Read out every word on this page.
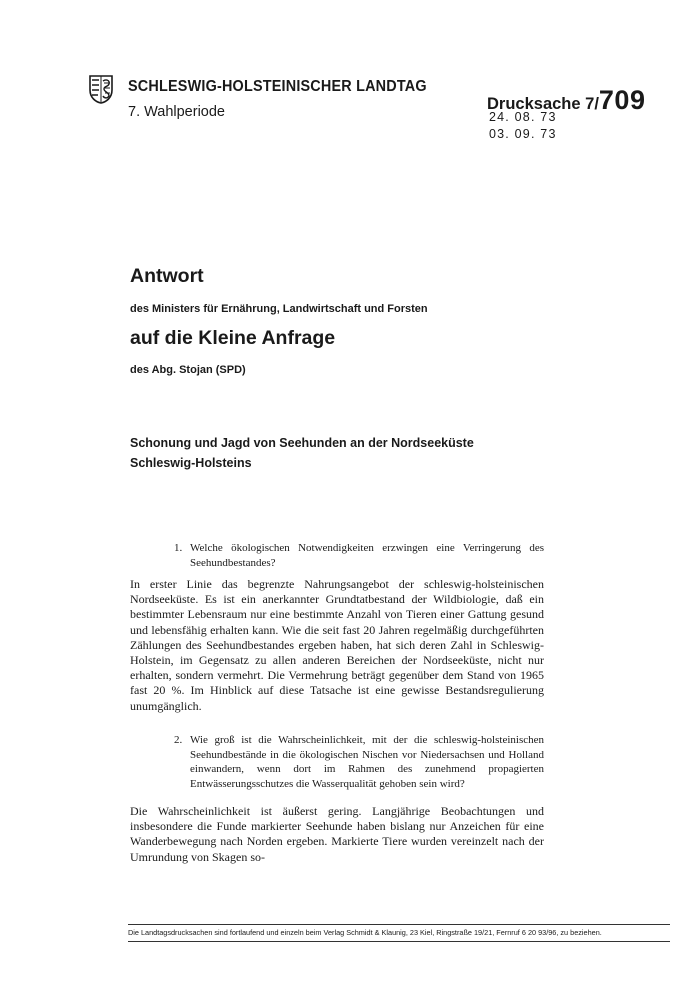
SCHLESWIG-HOLSTEINISCHER LANDTAG
7. Wahlperiode	Drucksache 7/709
24. 08. 73
03. 09. 73
Antwort
des Ministers für Ernährung, Landwirtschaft und Forsten
auf die Kleine Anfrage
des Abg. Stojan (SPD)
Schonung und Jagd von Seehunden an der Nordseeküste
Schleswig-Holsteins
1. Welche ökologischen Notwendigkeiten erzwingen eine Verringerung des Seehundbestandes?

In erster Linie das begrenzte Nahrungsangebot der schleswig-holsteinischen Nordseeküste. Es ist ein anerkannter Grundtatbestand der Wildbiologie, daß ein bestimmter Lebensraum nur eine bestimmte Anzahl von Tieren einer Gattung gesund und lebensfähig erhalten kann. Wie die seit fast 20 Jahren regelmäßig durchgeführten Zählungen des Seehundbestandes ergeben haben, hat sich deren Zahl in Schleswig-Holstein, im Gegensatz zu allen anderen Bereichen der Nordseeküste, nicht nur erhalten, sondern vermehrt. Die Vermehrung beträgt gegenüber dem Stand von 1965 fast 20 %. Im Hinblick auf diese Tatsache ist eine gewisse Bestandsregulierung unumgänglich.

2. Wie groß ist die Wahrscheinlichkeit, mit der die schleswig-holsteinischen Seehundbestände in die ökologischen Nischen vor Niedersachsen und Holland einwandern, wenn dort im Rahmen des zunehmend propagierten Entwässerungsschutzes die Wasserqualität gehoben sein wird?

Die Wahrscheinlichkeit ist äußerst gering. Langjährige Beobachtungen und insbesondere die Funde markierter Seehunde haben bislang nur Anzeichen für eine Wanderbewegung nach Norden ergeben. Markierte Tiere wurden vereinzelt nach der Umrundung von Skagen so-

Die Landtagsdrucksachen sind fortlaufend und einzeln beim Verlag Schmidt & Klaunig, 23 Kiel, Ringstraße 19/21, Fernruf 6 20 93/96, zu beziehen.
